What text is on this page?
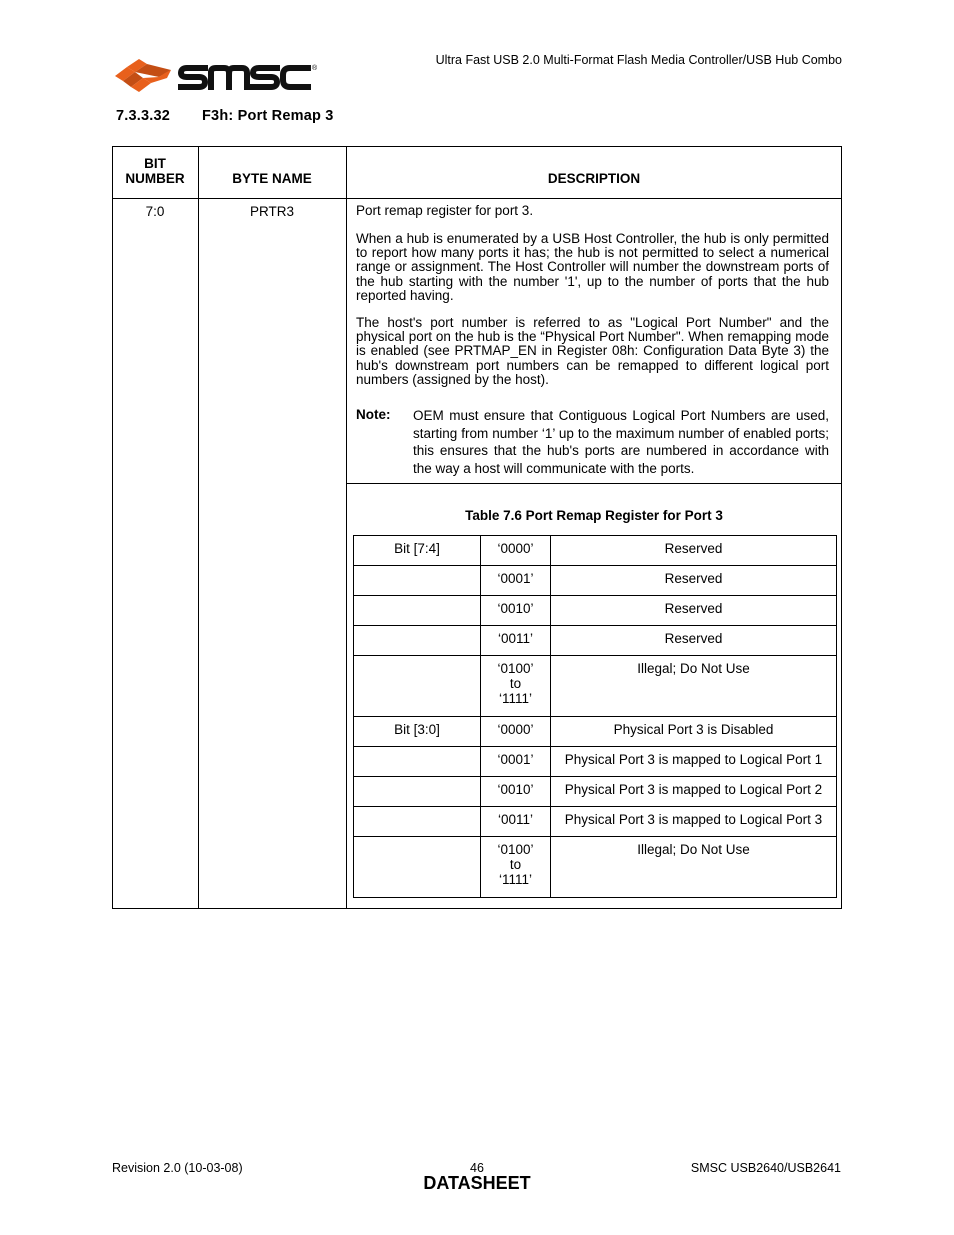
Ultra Fast USB 2.0 Multi-Format Flash Media Controller/USB Hub Combo
®
7.3.3.32 F3h: Port Remap 3
BIT
NUMBER	BYTE NAME	DESCRIPTION
7:0	PRTR3	Port remap register for port 3.
When a hub is enumerated by a USB Host Controller, the hub is only permitted to report how many ports it has; the hub is not permitted to select a numerical range or assignment. The Host Controller will number the downstream ports of the hub starting with the number '1', up to the number of ports that the hub reported having.
The host's port number is referred to as "Logical Port Number" and the physical port on the hub is the “Physical Port Number". When remapping mode is enabled (see PRTMAP_EN in Register 08h: Configuration Data Byte 3) the hub's downstream port numbers can be remapped to different logical port numbers (assigned by the host).
Note: OEM must ensure that Contiguous Logical Port Numbers are used, starting from number ‘1’ up to the maximum number of enabled ports; this ensures that the hub's ports are numbered in accordance with the way a host will communicate with the ports.
Table 7.6 Port Remap Register for Port 3
Bit [7:4]	‘0000’	Reserved
	‘0001’	Reserved
	‘0010’	Reserved
	‘0011’	Reserved

	‘0100’
to
‘1111’	Illegal; Do Not Use
Bit [3:0]	‘0000’	Physical Port 3 is Disabled
	‘0001’	Physical Port 3 is mapped to Logical Port 1
	‘0010’	Physical Port 3 is mapped to Logical Port 2
	‘0011’	Physical Port 3 is mapped to Logical Port 3

	‘0100’
to
‘1111’	Illegal; Do Not Use
Revision 2.0 (10-03-08)	46
DATASHEET
SMSC USB2640/USB2641
